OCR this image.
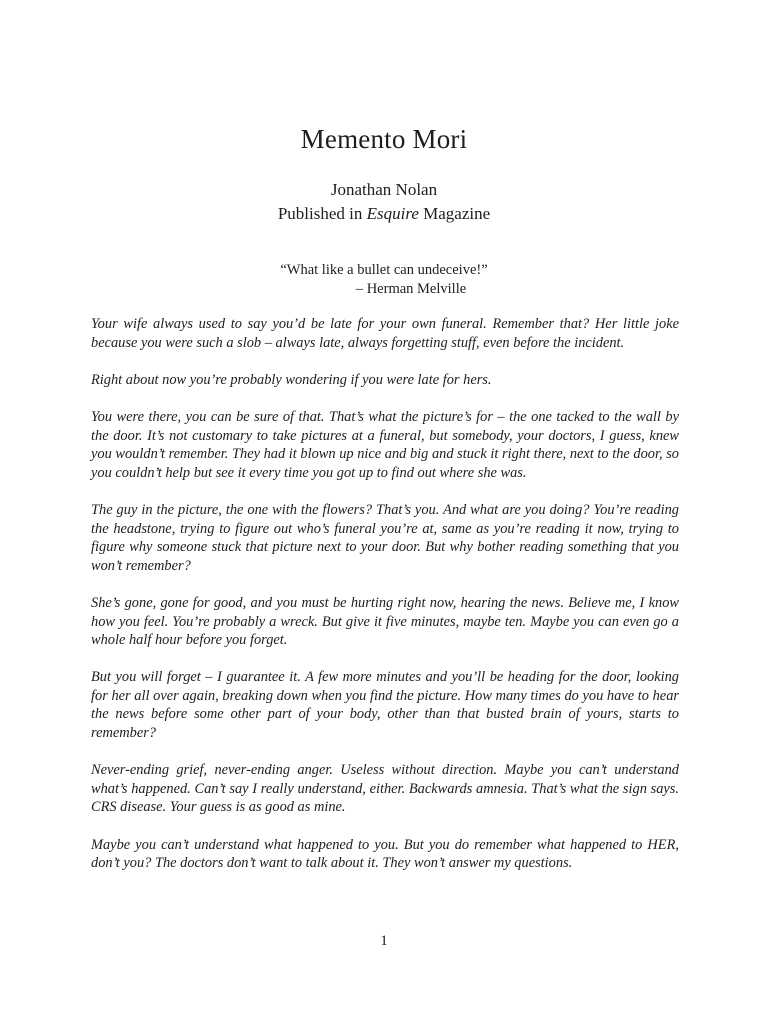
Memento Mori
Jonathan Nolan
Published in Esquire Magazine
“What like a bullet can undeceive!”
– Herman Melville

Your wife always used to say you’d be late for your own funeral. Remember that? Her little joke because you were such a slob – always late, always forgetting stuff, even before the incident.

Right about now you’re probably wondering if you were late for hers.

You were there, you can be sure of that. That’s what the picture’s for – the one tacked to the wall by the door. It’s not customary to take pictures at a funeral, but somebody, your doctors, I guess, knew you wouldn’t remember. They had it blown up nice and big and stuck it right there, next to the door, so you couldn’t help but see it every time you got up to find out where she was.

The guy in the picture, the one with the flowers? That’s you. And what are you doing? You’re reading the headstone, trying to figure out who’s funeral you’re at, same as you’re reading it now, trying to figure why someone stuck that picture next to your door. But why bother reading something that you won’t remember?

She’s gone, gone for good, and you must be hurting right now, hearing the news. Believe me, I know how you feel. You’re probably a wreck. But give it five minutes, maybe ten. Maybe you can even go a whole half hour before you forget.

But you will forget – I guarantee it. A few more minutes and you’ll be heading for the door, looking for her all over again, breaking down when you find the picture. How many times do you have to hear the news before some other part of your body, other than that busted brain of yours, starts to remember?

Never-ending grief, never-ending anger. Useless without direction. Maybe you can’t understand what’s happened. Can’t say I really understand, either. Backwards amnesia. That’s what the sign says. CRS disease. Your guess is as good as mine.

Maybe you can’t understand what happened to you. But you do remember what happened to HER, don’t you? The doctors don’t want to talk about it. They won’t answer my questions.

1
